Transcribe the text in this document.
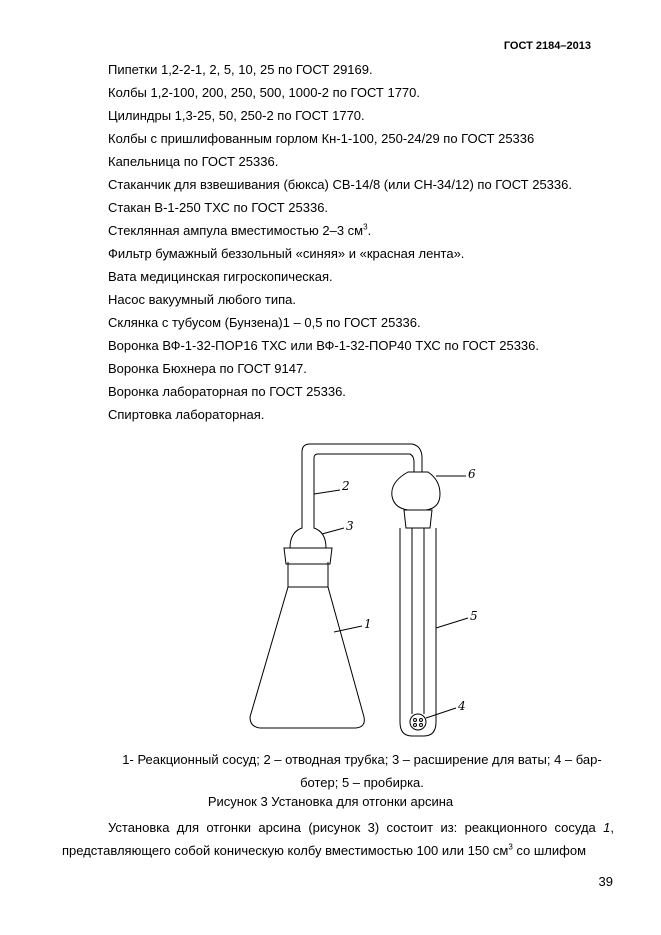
ГОСТ 2184–2013
Пипетки 1,2-2-1, 2, 5, 10, 25 по ГОСТ 29169.
Колбы 1,2-100, 200, 250, 500, 1000-2 по ГОСТ 1770.
Цилиндры 1,3-25, 50, 250-2 по ГОСТ 1770.
Колбы с пришлифованным горлом Кн-1-100, 250-24/29 по ГОСТ 25336
Капельница по ГОСТ 25336.
Стаканчик для взвешивания (бюкса) СВ-14/8 (или СН-34/12) по ГОСТ 25336.
Стакан В-1-250 ТХС по ГОСТ 25336.
Стеклянная ампула вместимостью 2–3 $см^3$.
Фильтр бумажный беззольный «синяя» и «красная лента».
Вата медицинская гигроскопическая.
Насос вакуумный любого типа.
Склянка с тубусом (Бунзена)1 – 0,5 по ГОСТ 25336.
Воронка ВФ-1-32-ПОР16 ТХС или ВФ-1-32-ПОР40 ТХС по ГОСТ 25336.
Воронка Бюхнера по ГОСТ 9147.
Воронка лабораторная по ГОСТ 25336.
Спиртовка лабораторная.
2
3
1
6
5
4
1- Реакционный сосуд; 2 – отводная трубка; 3 – расширение для ваты; 4 – бар-
ботер; 5 – пробирка.
Рисунок 3 Установка для отгонки арсина
Установка для отгонки арсина (рисунок 3) состоит из: реакционного сосуда 1, представляющего собой коническую колбу вместимостью 100 или 150 $см^3$ со шлифом
39
